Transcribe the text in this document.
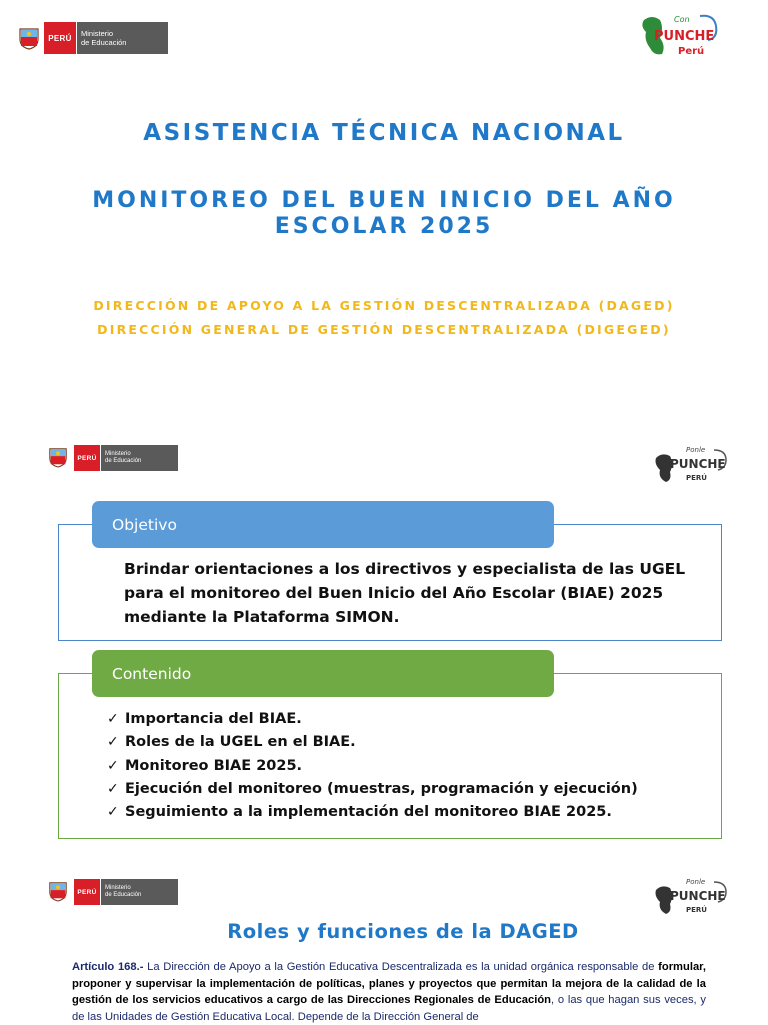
PERÚ	Ministerio
de Educación
Con
PUNCHE
Perú
ASISTENCIA TÉCNICA NACIONAL
MONITOREO DEL BUEN INICIO DEL AÑO ESCOLAR 2025
DIRECCIÓN DE APOYO A LA GESTIÓN DESCENTRALIZADA (DAGED)
DIRECCIÓN GENERAL DE GESTIÓN DESCENTRALIZADA (DIGEGED)
PERÚ
Ministerio
de Educación
Ponle
PUNCHE
PERÚ
Objetivo
Brindar orientaciones a los directivos y especialista de las UGEL para el monitoreo del Buen Inicio del Año Escolar (BIAE) 2025 mediante la Plataforma SIMON.
Contenido
✓ Importancia del BIAE.
✓ Roles de la UGEL en el BIAE.
✓ Monitoreo BIAE 2025.
✓ Ejecución del monitoreo (muestras, programación y ejecución)
✓ Seguimiento a la implementación del monitoreo BIAE 2025.
PERÚ
Ministerio
de Educación
Ponle
PUNCHE
PERÚ
Roles y funciones de la DAGED
Artículo 168.- La Dirección de Apoyo a la Gestión Educativa Descentralizada es la unidad orgánica responsable de formular, proponer y supervisar la implementación de políticas, planes y proyectos que permitan la mejora de la calidad de la gestión de los servicios educativos a cargo de las Direcciones Regionales de Educación, o las que hagan sus veces, y de las Unidades de Gestión Educativa Local. Depende de la Dirección General de
